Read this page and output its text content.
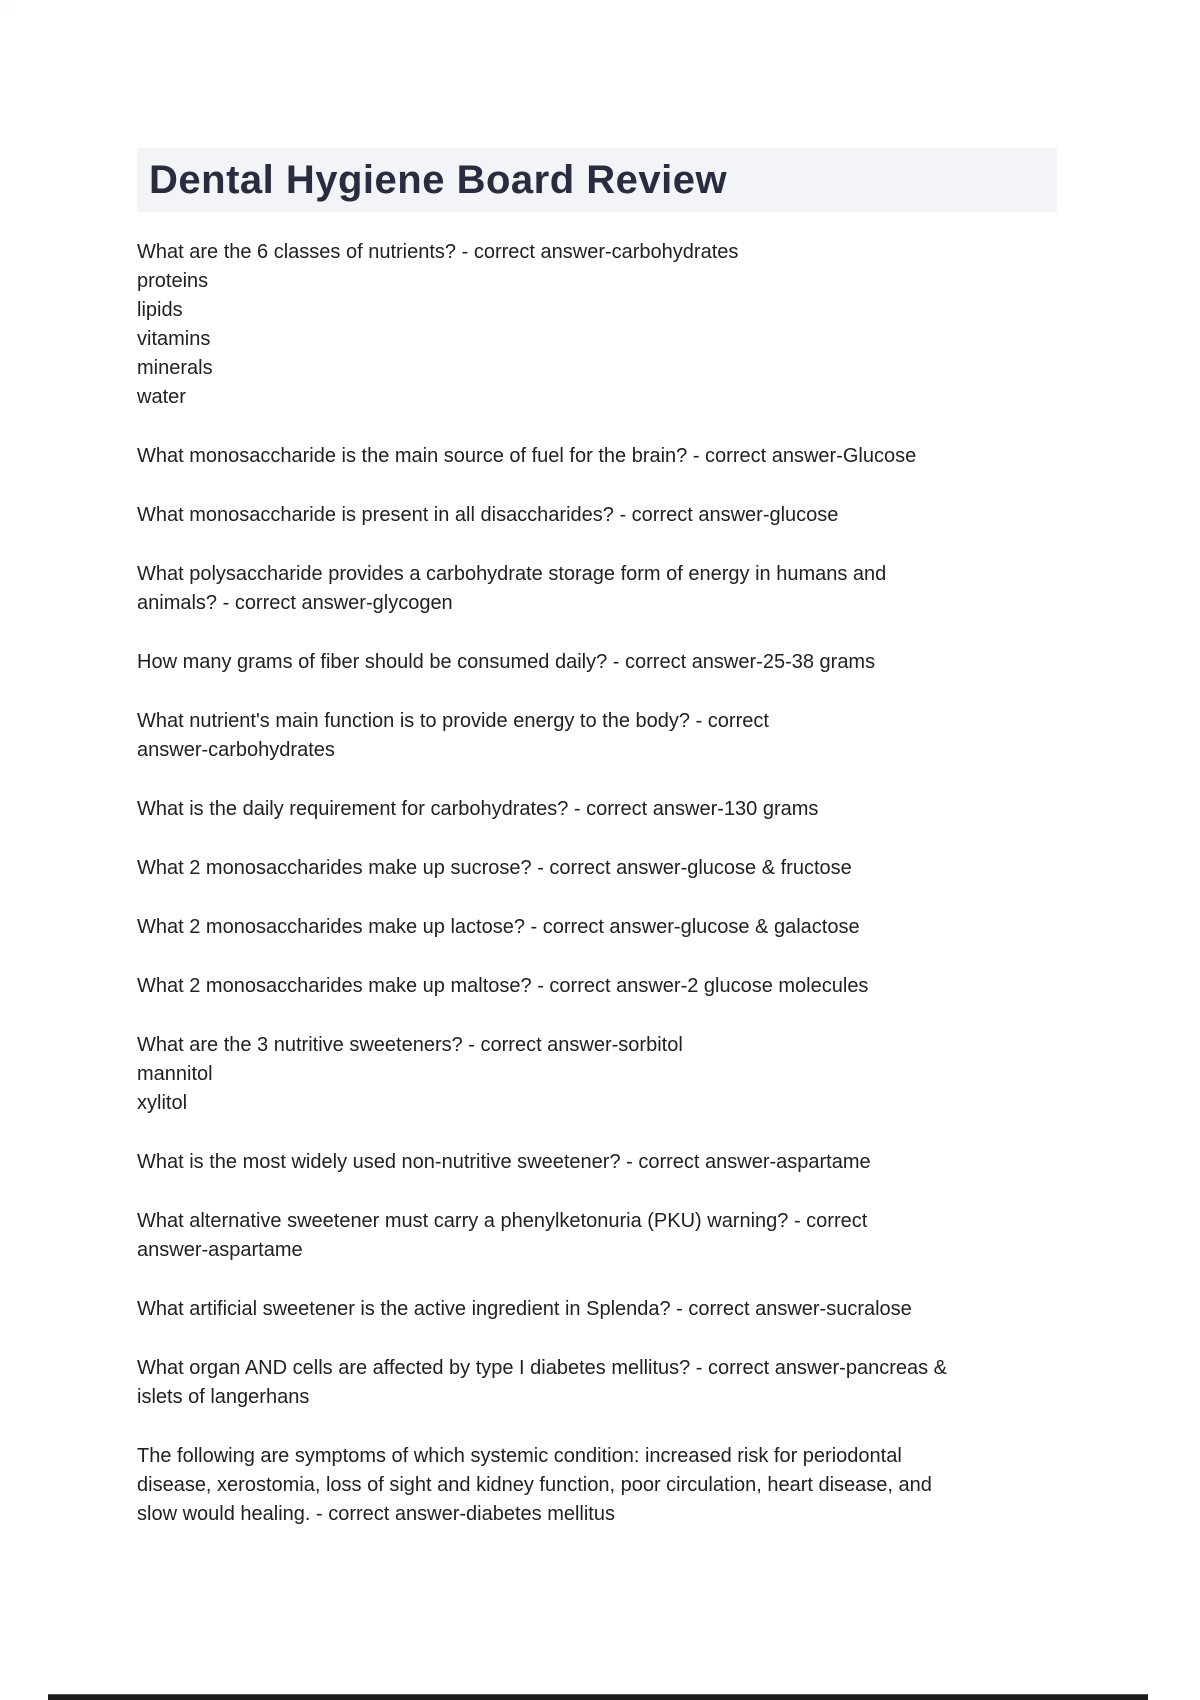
Dental Hygiene Board Review
What are the 6 classes of nutrients? - correct answer-carbohydrates
proteins
lipids
vitamins
minerals
water
What monosaccharide is the main source of fuel for the brain? - correct answer-Glucose
What monosaccharide is present in all disaccharides? - correct answer-glucose
What polysaccharide provides a carbohydrate storage form of energy in humans and
animals? - correct answer-glycogen
How many grams of fiber should be consumed daily? - correct answer-25-38 grams
What nutrient's main function is to provide energy to the body? - correct
answer-carbohydrates
What is the daily requirement for carbohydrates? - correct answer-130 grams
What 2 monosaccharides make up sucrose? - correct answer-glucose & fructose
What 2 monosaccharides make up lactose? - correct answer-glucose & galactose
What 2 monosaccharides make up maltose? - correct answer-2 glucose molecules
What are the 3 nutritive sweeteners? - correct answer-sorbitol
mannitol
xylitol
What is the most widely used non-nutritive sweetener? - correct answer-aspartame
What alternative sweetener must carry a phenylketonuria (PKU) warning? - correct
answer-aspartame
What artificial sweetener is the active ingredient in Splenda? - correct answer-sucralose
What organ AND cells are affected by type I diabetes mellitus? - correct answer-pancreas &
islets of langerhans
The following are symptoms of which systemic condition: increased risk for periodontal
disease, xerostomia, loss of sight and kidney function, poor circulation, heart disease, and
slow would healing. - correct answer-diabetes mellitus
